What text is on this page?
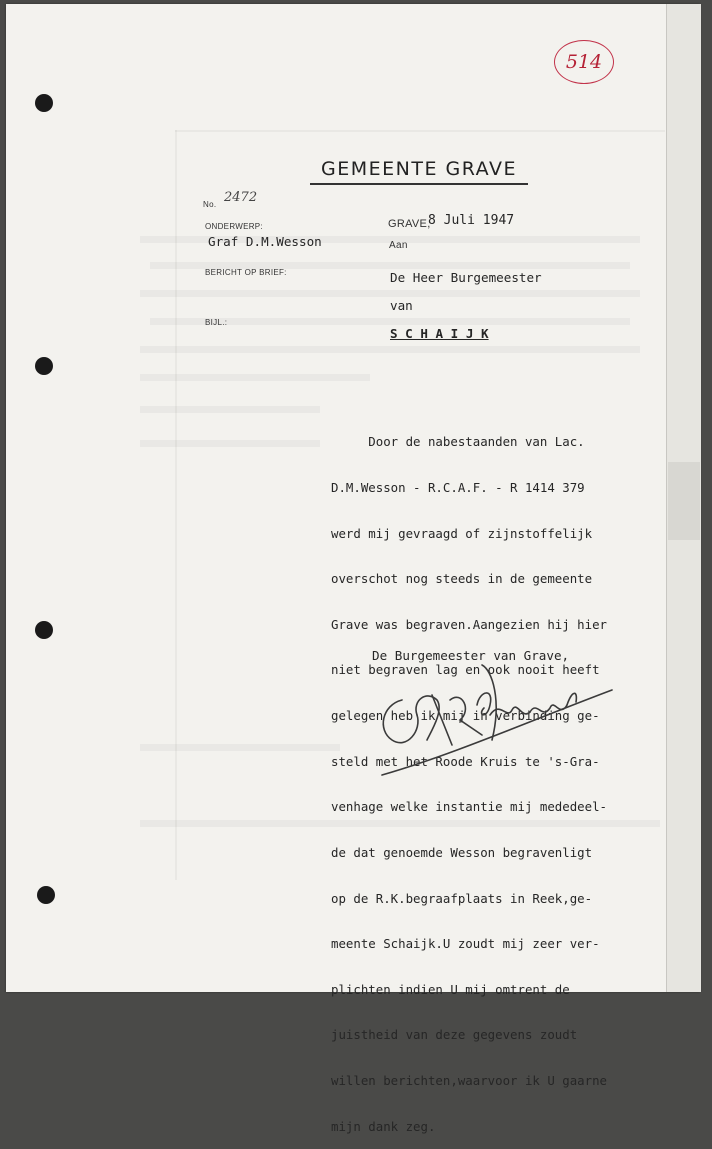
514
GEMEENTE GRAVE
No. 2472
ONDERWERP:
Graf D.M.Wesson
BERICHT OP BRIEF:
BIJL.:
GRAVE,
8 Juli 1947
Aan
De Heer Burgemeester
van
S C H A I J K

Door de nabestaanden van Lac.

D.M.Wesson - R.C.A.F. - R 1414 379

werd mij gevraagd of zijnstoffelijk

overschot nog steeds in de gemeente

Grave was begraven.Aangezien hij hier

niet begraven lag en ook nooit heeft

gelegen heb ik mij in verbinding ge-

steld met het Roode Kruis te 's-Gra-

venhage welke instantie mij mededeel-

de dat genoemde Wesson begravenligt

op de R.K.begraafplaats in Reek,ge-

meente Schaijk.U zoudt mij zeer ver-

plichten indien U mij omtrent de

juistheid van deze gegevens zoudt

willen berichten,waarvoor ik U gaarne

mijn dank zeg.

De Burgemeester van Grave,
